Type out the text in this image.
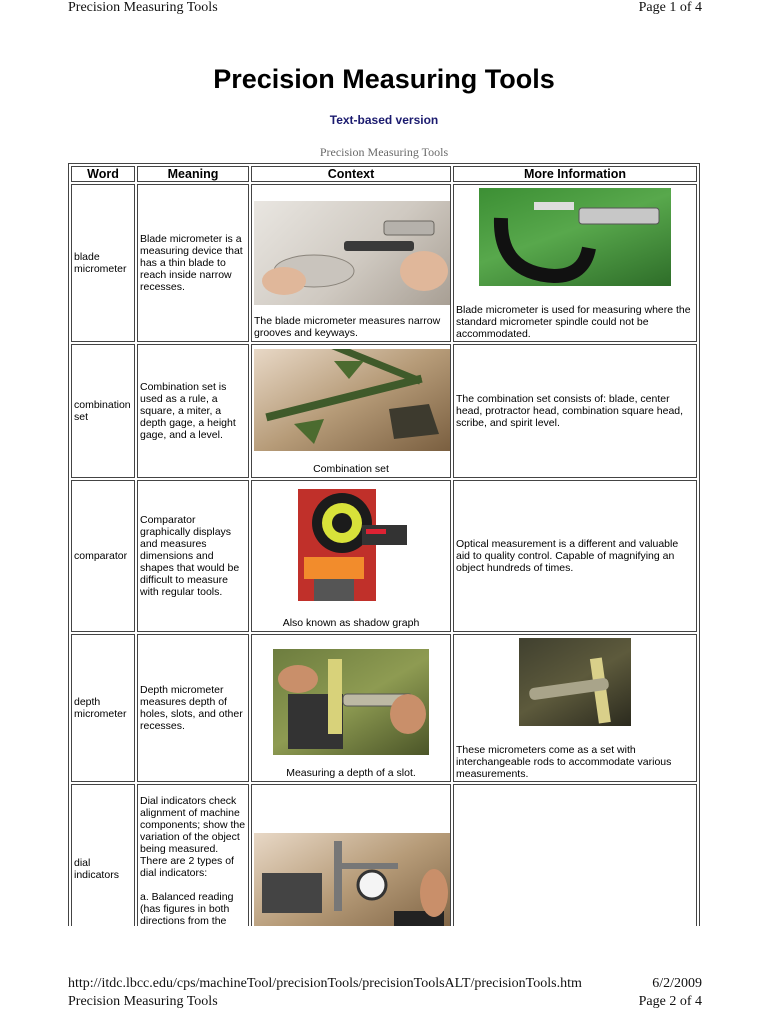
Precision Measuring Tools	Page 1 of 4
Precision Measuring Tools
Text-based version
Precision Measuring Tools
Word	Meaning	Context	More Information
blade micrometer	Blade micrometer is a measuring device that has a thin blade to reach inside narrow recesses.	The blade micrometer measures narrow grooves and keyways.	Blade micrometer is used for measuring where the standard micrometer spindle could not be accommodated.
combination set	Combination set is used as a rule, a square, a miter, a depth gage, a height gage, and a level.	Combination set	The combination set consists of: blade, center head, protractor head, combination square head, scribe, and spirit level.
comparator	Comparator graphically displays and measures dimensions and shapes that would be difficult to measure with regular tools.	Also known as shadow graph	Optical measurement is a different and valuable aid to quality control. Capable of magnifying an object hundreds of times.
depth micrometer	Depth micrometer measures depth of holes, slots, and other recesses.	Measuring a depth of a slot.	These micrometers come as a set with interchangeable rods to accommodate various measurements.
dial indicators	Dial indicators check alignment of machine components; show the variation of the object being measured. There are 2 types of dial indicators:

a. Balanced reading (has figures in both directions from the	

http://itdc.lbcc.edu/cps/machineTool/precisionTools/precisionToolsALT/precisionTools.htm	6/2/2009
Precision Measuring Tools	Page 2 of 4
